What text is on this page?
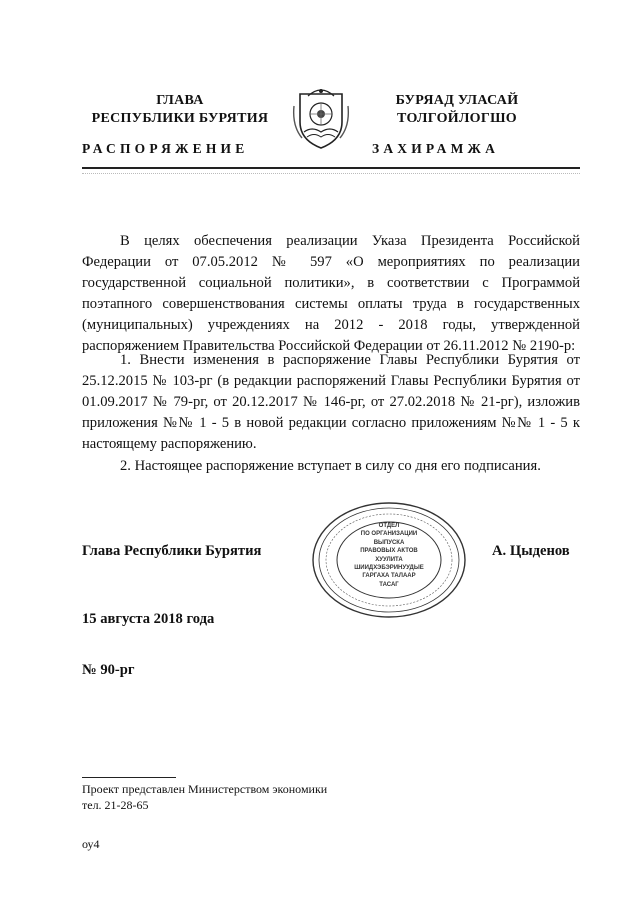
ГЛАВА
РЕСПУБЛИКИ БУРЯТИЯ
РАСПОРЯЖЕНИЕ
БУРЯАД УЛАСАЙ
ТОЛГОЙЛОГШО
ЗАХИРАМЖА
В целях обеспечения реализации Указа Президента Российской Федерации от 07.05.2012 № 597 «О мероприятиях по реализации государственной социальной политики», в соответствии с Программой поэтапного совершенствования системы оплаты труда в государственных (муниципальных) учреждениях на 2012 - 2018 годы, утвержденной распоряжением Правительства Российской Федерации от 26.11.2012 № 2190-р:
1. Внести изменения в распоряжение Главы Республики Бурятия от 25.12.2015 № 103-рг (в редакции распоряжений Главы Республики Бурятия от 01.09.2017 № 79-рг, от 20.12.2017 № 146-рг, от 27.02.2018 № 21-рг), изложив приложения №№ 1 - 5 в новой редакции согласно приложениям №№ 1 - 5 к настоящему распоряжению.
2. Настоящее распоряжение вступает в силу со дня его подписания.
ОТДЕЛ
ПО ОРГАНИЗАЦИИ
ВЫПУСКА
ПРАВОВЫХ АКТОВ
ХУУЛИТА
ШИИДХЭБЭРИНУУДЫЕ
ГАРГАХА ТАЛААР
ТАСАГ
Глава Республики Бурятия	А. Цыденов
15 августа 2018 года
№ 90-рг
Проект представлен Министерством экономики
тел. 21-28-65
оу4
